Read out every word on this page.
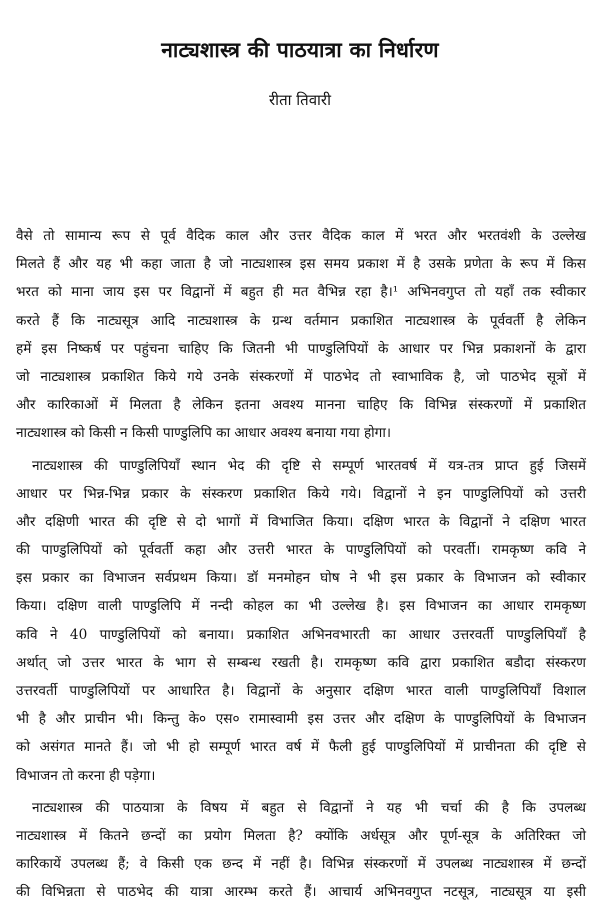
नाट्यशास्त्र की पाठयात्रा का निर्धारण
रीता तिवारी
वैसे तो सामान्य रूप से पूर्व वैदिक काल और उत्तर वैदिक काल में भरत और भरतवंशी के उल्लेख
मिलते हैं और यह भी कहा जाता है जो नाट्यशास्त्र इस समय प्रकाश में है उसके प्रणेता के रूप में किस
भरत को माना जाय इस पर विद्वानों में बहुत ही मत वैभिन्न रहा है।¹ अभिनवगुप्त तो यहाँ तक स्वीकार
करते हैं कि नाट्यसूत्र आदि नाट्यशास्त्र के ग्रन्थ वर्तमान प्रकाशित नाट्यशास्त्र के पूर्ववर्ती है लेकिन
हमें इस निष्कर्ष पर पहुंचना चाहिए कि जितनी भी पाण्डुलिपियों के आधार पर भिन्न प्रकाशनों के द्वारा
जो नाट्यशास्त्र प्रकाशित किये गये उनके संस्करणों में पाठभेद तो स्वाभाविक है, जो पाठभेद सूत्रों में
और कारिकाओं में मिलता है लेकिन इतना अवश्य मानना चाहिए कि विभिन्न संस्करणों में प्रकाशित
नाट्यशास्त्र को किसी न किसी पाण्डुलिपि का आधार अवश्य बनाया गया होगा।
नाट्यशास्त्र की पाण्डुलिपियाँ स्थान भेद की दृष्टि से सम्पूर्ण भारतवर्ष में यत्र-तत्र प्राप्त हुई जिसमें
आधार पर भिन्न-भिन्न प्रकार के संस्करण प्रकाशित किये गये। विद्वानों ने इन पाण्डुलिपियों को उत्तरी
और दक्षिणी भारत की दृष्टि से दो भागों में विभाजित किया। दक्षिण भारत के विद्वानों ने दक्षिण भारत
की पाण्डुलिपियों को पूर्ववर्ती कहा और उत्तरी भारत के पाण्डुलिपियों को परवर्ती। रामकृष्ण कवि ने
इस प्रकार का विभाजन सर्वप्रथम किया। डॉ मनमोहन घोष ने भी इस प्रकार के विभाजन को स्वीकार
किया। दक्षिण वाली पाण्डुलिपि में नन्दी कोहल का भी उल्लेख है। इस विभाजन का आधार रामकृष्ण
कवि ने 40 पाण्डुलिपियों को बनाया। प्रकाशित अभिनवभारती का आधार उत्तरवर्ती पाण्डुलिपियाँ है
अर्थात् जो उत्तर भारत के भाग से सम्बन्ध रखती है। रामकृष्ण कवि द्वारा प्रकाशित बडौदा संस्करण
उत्तरवर्ती पाण्डुलिपियों पर आधारित है। विद्वानों के अनुसार दक्षिण भारत वाली पाण्डुलिपियाँ विशाल
भी है और प्राचीन भी। किन्तु के० एस० रामास्वामी इस उत्तर और दक्षिण के पाण्डुलिपियों के विभाजन
को असंगत मानते हैं। जो भी हो सम्पूर्ण भारत वर्ष में फैली हुई पाण्डुलिपियों में प्राचीनता की दृष्टि से
विभाजन तो करना ही पड़ेगा।
नाट्यशास्त्र की पाठयात्रा के विषय में बहुत से विद्वानों ने यह भी चर्चा की है कि उपलब्ध
नाट्यशास्त्र में कितने छन्दों का प्रयोग मिलता है? क्योंकि अर्धसूत्र और पूर्ण-सूत्र के अतिरिक्त जो
कारिकायें उपलब्ध हैं; वे किसी एक छन्द में नहीं है। विभिन्न संस्करणों में उपलब्ध नाट्यशास्त्र में छन्दों
की विभिन्नता से पाठभेद की यात्रा आरम्भ करते हैं। आचार्य अभिनवगुप्त नटसूत्र, नाट्यसूत्र या इसी
